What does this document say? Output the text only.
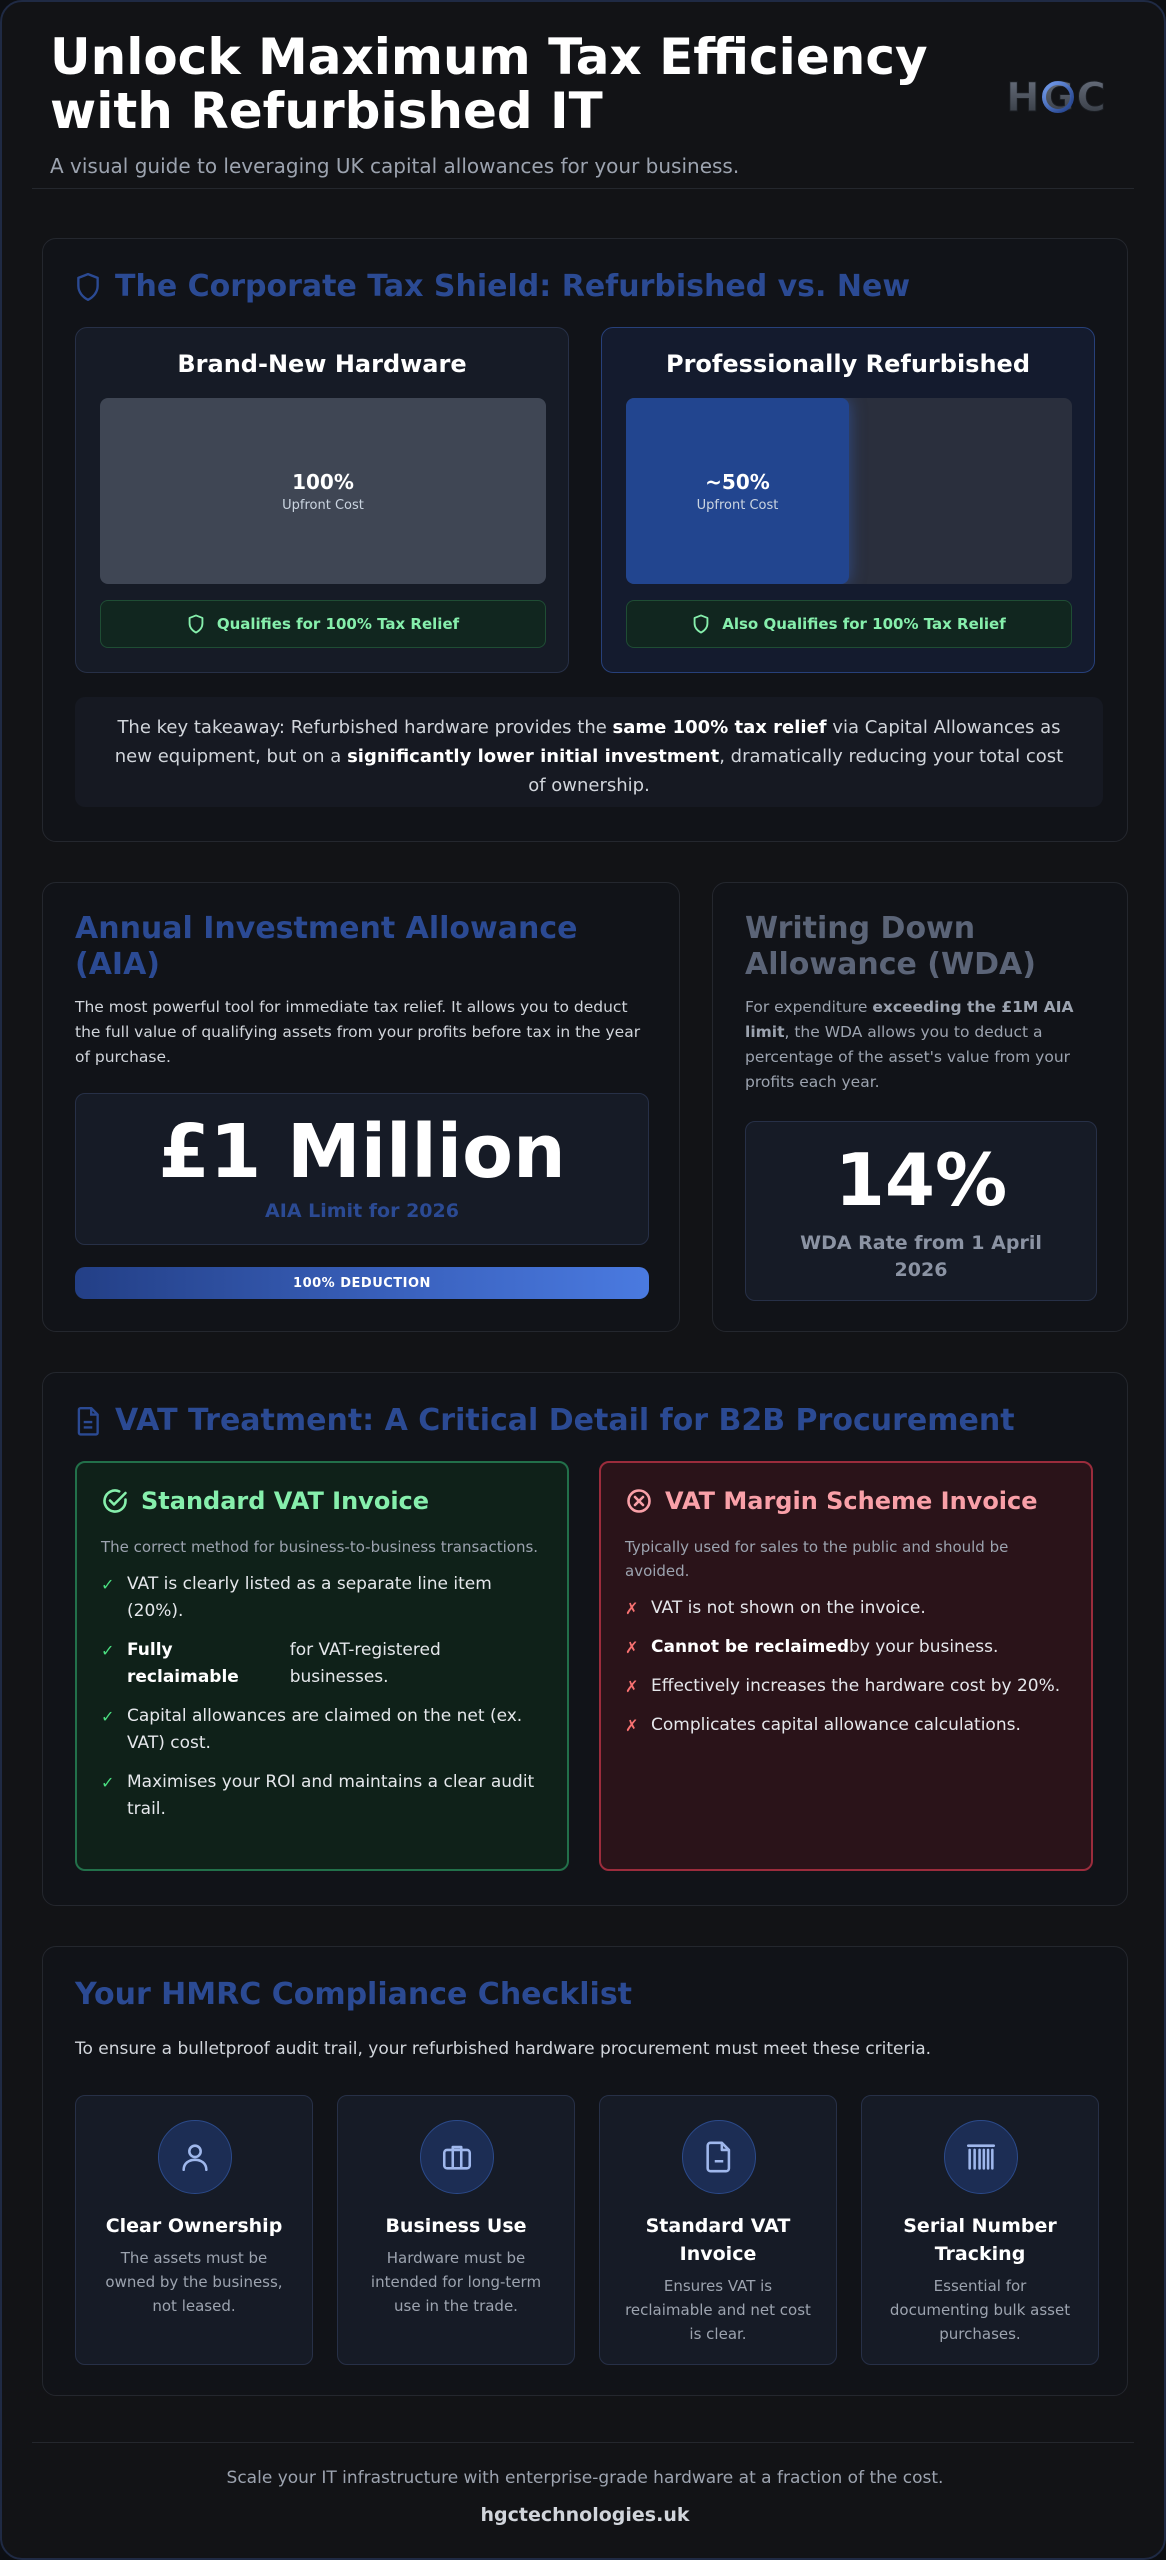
Unlock Maximum Tax Efficiency with Refurbished IT

A visual guide to leveraging UK capital allowances for your business.

HGC
The Corporate Tax Shield: Refurbished vs. New
Brand-New Hardware
100%
Upfront Cost
Qualifies for 100% Tax Relief
Professionally Refurbished
~50%
Upfront Cost
Also Qualifies for 100% Tax Relief
The key takeaway: Refurbished hardware provides the same 100% tax relief via Capital Allowances as new equipment, but on a significantly lower initial investment, dramatically reducing your total cost of ownership.
Annual Investment Allowance (AIA)

The most powerful tool for immediate tax relief. It allows you to deduct the full value of qualifying assets from your profits before tax in the year of purchase.

£1 Million
AIA Limit for 2026
100% DEDUCTION
Writing Down Allowance (WDA)

For expenditure exceeding the £1M AIA limit, the WDA allows you to deduct a percentage of the asset's value from your profits each year.

14%
WDA Rate from 1 April 2026
VAT Treatment: A Critical Detail for B2B Procurement
Standard VAT Invoice

The correct method for business-to-business transactions.

✓ VAT is clearly listed as a separate line item (20%).
✓ Fully reclaimable
for VAT-registered businesses.
✓ Capital allowances are claimed on the net (ex. VAT) cost.
✓ Maximises your ROI and maintains a clear audit trail.
VAT Margin Scheme Invoice

Typically used for sales to the public and should be avoided.

✗ VAT is not shown on the invoice.
✗ Cannot be reclaimedby your business.
✗ Effectively increases the hardware cost by 20%.
✗ Complicates capital allowance calculations.
Your HMRC Compliance Checklist

To ensure a bulletproof audit trail, your refurbished hardware procurement must meet these criteria.

Clear Ownership
The assets must be owned by the business, not leased.
Business Use
Hardware must be intended for long-term use in the trade.
Standard VAT Invoice
Ensures VAT is reclaimable and net cost is clear.
Serial Number Tracking
Essential for documenting bulk asset purchases.
Scale your IT infrastructure with enterprise-grade hardware at a fraction of the cost.
hgctechnologies.uk
